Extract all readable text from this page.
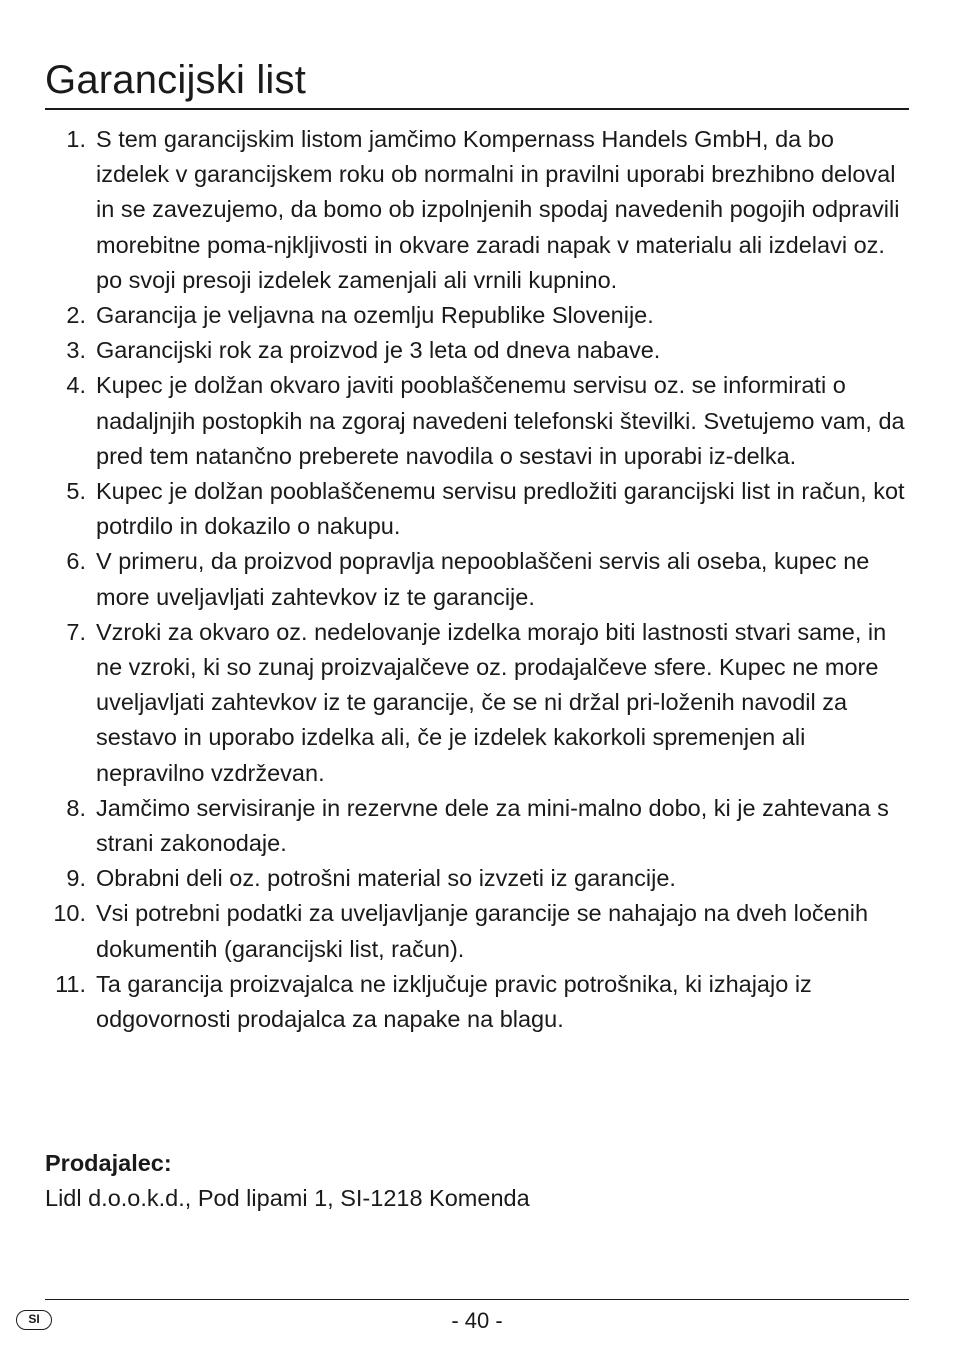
Garancijski list
1. S tem garancijskim listom jamčimo Kompernass Handels GmbH, da bo izdelek v garancijskem roku ob normalni in pravilni uporabi brezhibno deloval in se zavezujemo, da bomo ob izpolnjenih spodaj navedenih pogojih odpravili morebitne poma-njkljivosti in okvare zaradi napak v materialu ali izdelavi oz. po svoji presoji izdelek zamenjali ali vrnili kupnino.
2. Garancija je veljavna na ozemlju Republike Slovenije.
3. Garancijski rok za proizvod je 3 leta od dneva nabave.
4. Kupec je dolžan okvaro javiti pooblaščenemu servisu oz. se informirati o nadaljnjih postopkih na zgoraj navedeni telefonski številki. Svetujemo vam, da pred tem natančno preberete navodila o sestavi in uporabi iz-delka.
5. Kupec je dolžan pooblaščenemu servisu predložiti garancijski list in račun, kot potrdilo in dokazilo o nakupu.
6. V primeru, da proizvod popravlja nepooblaščeni servis ali oseba, kupec ne more uveljavljati zahtevkov iz te garancije.
7. Vzroki za okvaro oz. nedelovanje izdelka morajo biti lastnosti stvari same, in ne vzroki, ki so zunaj proizvajalčeve oz. prodajalčeve sfere. Kupec ne more uveljavljati zahtevkov iz te garancije, če se ni držal pri-loženih navodil za sestavo in uporabo izdelka ali, če je izdelek kakorkoli spremenjen ali nepravilno vzdrževan.
8. Jamčimo servisiranje in rezervne dele za mini-malno dobo, ki je zahtevana s strani zakonodaje.
9. Obrabni deli oz. potrošni material so izvzeti iz garancije.
10. Vsi potrebni podatki za uveljavljanje garancije se nahajajo na dveh ločenih dokumentih (garancijski list, račun).
11. Ta garancija proizvajalca ne izključuje pravic potrošnika, ki izhajajo iz odgovornosti prodajalca za napake na blagu.
Prodajalec:
Lidl d.o.o.k.d., Pod lipami 1, SI-1218 Komenda
SI	- 40 -
